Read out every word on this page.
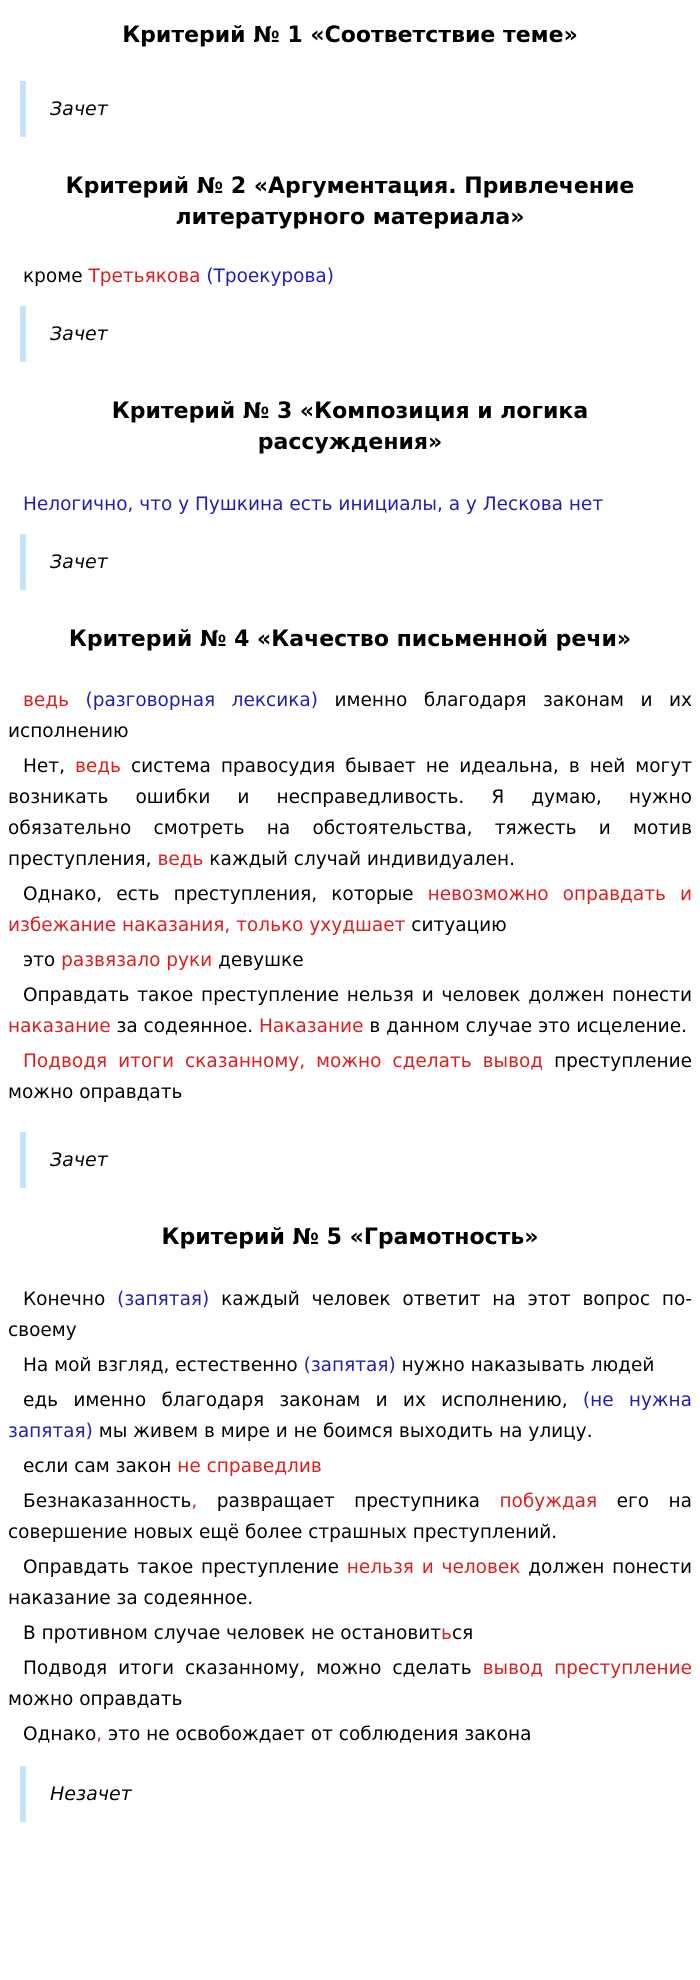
Критерий № 1 «Соответствие теме»
Зачет
Критерий № 2 «Аргументация. Привлечение литературного материала»

кроме Третьякова (Троекурова)

Зачет
Критерий № 3 «Композиция и логика рассуждения»

Нелогично, что у Пушкина есть инициалы, а у Лескова нет

Зачет
Критерий № 4 «Качество письменной речи»

ведь (разговорная лексика) именно благодаря законам и их исполнению

Нет, ведь система правосудия бывает не идеальна, в ней могут возникать ошибки и несправедливость. Я думаю, нужно обязательно смотреть на обстоятельства, тяжесть и мотив преступления, ведь каждый случай индивидуален.

Однако, есть преступления, которые невозможно оправдать и избежание наказания, только ухудшает ситуацию

это развязало руки девушке

Оправдать такое преступление нельзя и человек должен понести наказание за содеянное. Наказание в данном случае это исцеление.

Подводя итоги сказанному, можно сделать вывод преступление можно оправдать

Зачет
Критерий № 5 «Грамотность»

Конечно (запятая) каждый человек ответит на этот вопрос по-своему

На мой взгляд, естественно (запятая) нужно наказывать людей

едь именно благодаря законам и их исполнению, (не нужна запятая) мы живем в мире и не боимся выходить на улицу.

если сам закон не справедлив

Безнаказанность, развращает преступника побуждая его на совершение новых ещё более страшных преступлений.

Оправдать такое преступление нельзя и человек должен понести наказание за содеянное.

В противном случае человек не остановиться

Подводя итоги сказанному, можно сделать вывод преступление можно оправдать

Однако, это не освобождает от соблюдения закона

Незачет
